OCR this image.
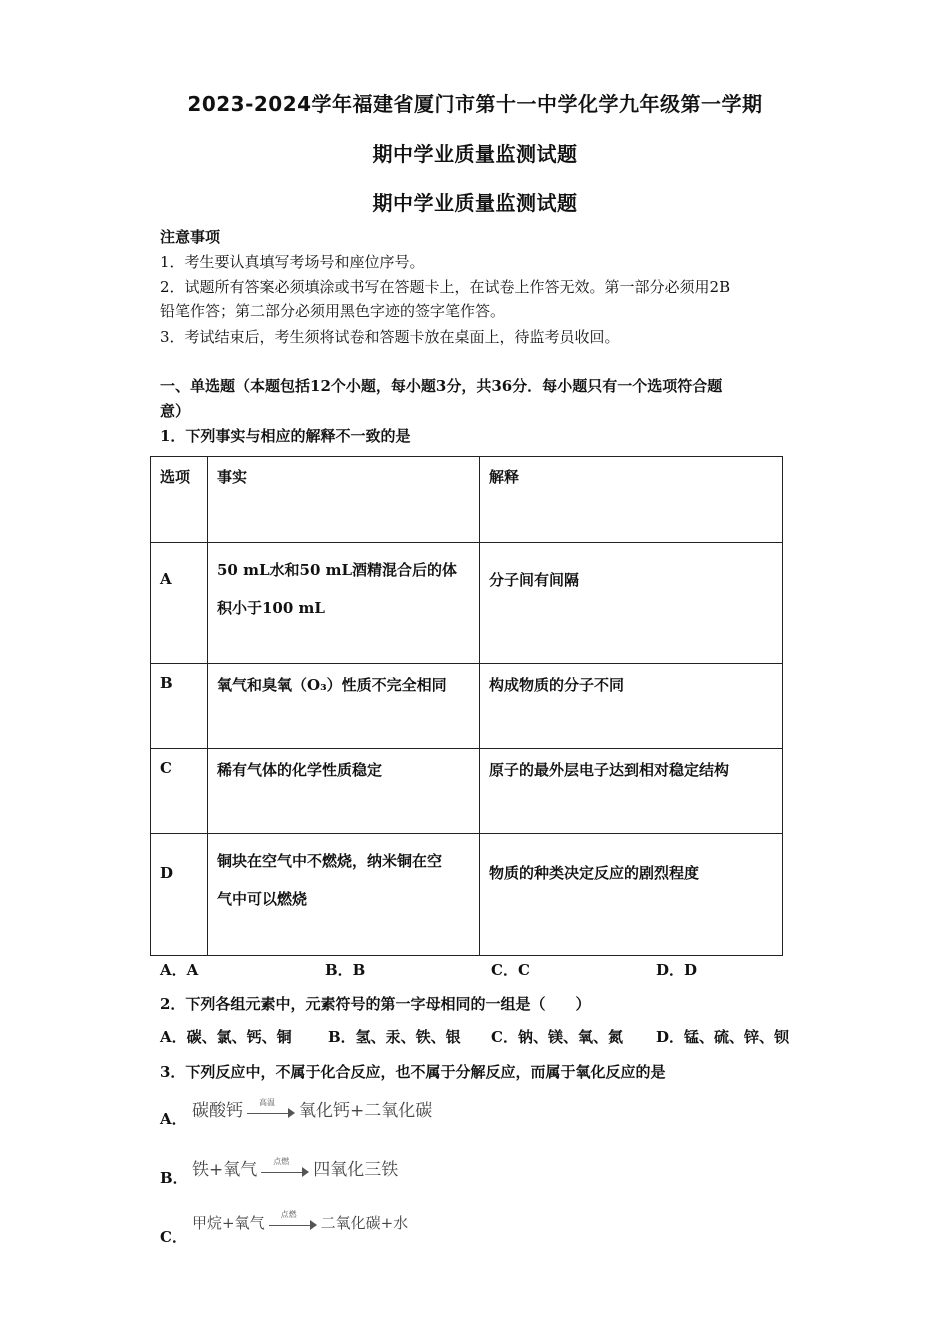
2023-2024学年福建省厦门市第十一中学化学九年级第一学期
期中学业质量监测试题
期中学业质量监测试题
注意事项
1．考生要认真填写考场号和座位序号。
2．试题所有答案必须填涂或书写在答题卡上，在试卷上作答无效。第一部分必须用2B
铅笔作答；第二部分必须用黑色字迹的签字笔作答。
3．考试结束后，考生须将试卷和答题卡放在桌面上，待监考员收回。
一、单选题（本题包括12个小题，每小题3分，共36分．每小题只有一个选项符合题
意）
1．下列事实与相应的解释不一致的是
选项	事实	解释
A	50 mL水和50 mL酒精混合后的体
积小于100 mL	分子间有间隔
B	氧气和臭氧（O₃）性质不完全相同	构成物质的分子不同
C	稀有气体的化学性质稳定	原子的最外层电子达到相对稳定结构
D	铜块在空气中不燃烧，纳米铜在空
气中可以燃烧	物质的种类决定反应的剧烈程度
A．A	B．B	C．C	D．D
2．下列各组元素中，元素符号的第一字母相同的一组是（　　）
A．碳、氯、钙、铜 B．氢、汞、铁、银 C．钠、镁、氧、氮 D．锰、硫、锌、钡
3．下列反应中，不属于化合反应，也不属于分解反应，而属于氧化反应的是
A． 碳酸钙 高温 氧化钙+二氧化碳
B． 铁+氧气 点燃 四氧化三铁
C．
甲烷+氧气 点燃 二氧化碳+水
